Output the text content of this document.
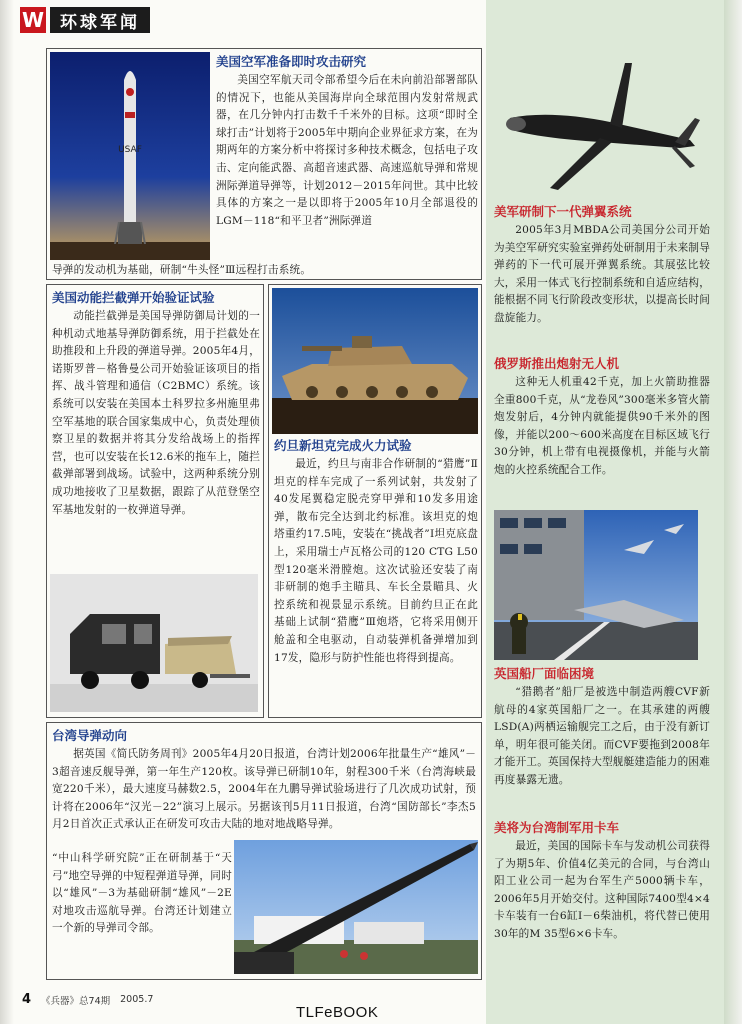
W 环球军闻
美军研制下一代弹翼系统
2005年3月MBDA公司美国分公司开始为美空军研究实验室弹药处研制用于未来制导弹药的下一代可展开弹翼系统。其展弦比较大，采用一体式飞行控制系统和自适应结构，能根据不同飞行阶段改变形状，以提高长时间盘旋能力。
俄罗斯推出炮射无人机
这种无人机重42千克，加上火箭助推器全重800千克，从“龙卷风”300毫米多管火箭炮发射后，4分钟内就能提供90千米外的图像，并能以200～600米高度在目标区域飞行30分钟，机上带有电视摄像机，并能与火箭炮的火控系统配合工作。
英国船厂面临困境
“猎鹅者”船厂是被选中制造两艘CVF新航母的4家英国船厂之一。在其承建的两艘LSD(A)两栖运输舰完工之后，由于没有新订单，明年很可能关闭。而CVF要拖到2008年才能开工。英国保持大型舰艇建造能力的困难再度暴露无遗。
美将为台湾制军用卡车
最近，美国的国际卡车与发动机公司获得了为期5年、价值4亿美元的合同，与台湾山阳工业公司一起为台军生产5000辆卡车，2006年5月开始交付。这种国际7400型4×4卡车装有一台6缸I－6柴油机，将代替已使用30年的M 35型6×6卡车。
USAF
美国空军准备即时攻击研究
美国空军航天司令部希望今后在未向前沿部署部队的情况下，也能从美国海岸向全球范围内发射常规武器，在几分钟内打击数千千米外的目标。这项“即时全球打击”计划将于2005年中期向企业界征求方案，在为期两年的方案分析中将探讨多种技术概念，包括电子攻击、定向能武器、高超音速武器、高速巡航导弹和常规洲际弹道导弹等，计划2012－2015年问世。其中比较具体的方案之一是以即将于2005年10月全部退役的LGM－118“和平卫者”洲际弹道
导弹的发动机为基础，研制“牛头怪”Ⅲ远程打击系统。
美国动能拦截弹开始验证试验
动能拦截弹是美国导弹防御局计划的一种机动式地基导弹防御系统，用于拦截处在助推段和上升段的弹道导弹。2005年4月，诺斯罗普－格鲁曼公司开始验证该项目的指挥、战斗管理和通信（C2BMC）系统。该系统可以安装在美国本土科罗拉多州施里弗空军基地的联合国家集成中心，负责处理侦察卫星的数据并将其分发给战场上的指挥营，也可以安装在长12.6米的拖车上，随拦截弹部署到战场。试验中，这两种系统分别成功地接收了卫星数据，跟踪了从范登堡空军基地发射的一枚弹道导弹。
约旦新坦克完成火力试验
最近，约旦与南非合作研制的“猎鹰”Ⅱ坦克的样车完成了一系列试射，共发射了40发尾翼稳定脱壳穿甲弹和10发多用途弹，散布完全达到北约标准。该坦克的炮塔重约17.5吨，安装在“挑战者”Ⅰ坦克底盘上，采用瑞士卢瓦格公司的120 CTG L50型120毫米滑膛炮。这次试验还安装了南非研制的炮手主瞄具、车长全景瞄具、火控系统和视景显示系统。目前约旦正在此基础上试制“猎鹰”Ⅲ炮塔，它将采用侧开舱盖和全电驱动，自动装弹机备弹增加到17发，隐形与防护性能也将得到提高。
台湾导弹动向
据英国《简氏防务周刊》2005年4月20日报道，台湾计划2006年批量生产“雄风”－3超音速反舰导弹，第一年生产120枚。该导弹已研制10年，射程300千米（台湾海峡最宽220千米），最大速度马赫数2.5，2004年在九鹏导弹试验场进行了几次成功试射，预计将在2006年“汉光－22”演习上展示。另据该刊5月11日报道，台湾“国防部长”李杰5月2日首次正式承认正在研发可攻击大陆的地对地战略导弹。
“中山科学研究院”正在研制基于“天弓”地空导弹的中短程弹道导弹，同时以“雄风”－3为基础研制“雄风”－2E对地攻击巡航导弹。台湾还计划建立一个新的导弹司令部。
4 《兵器》总74期 2005.7
TLFeBOOK
